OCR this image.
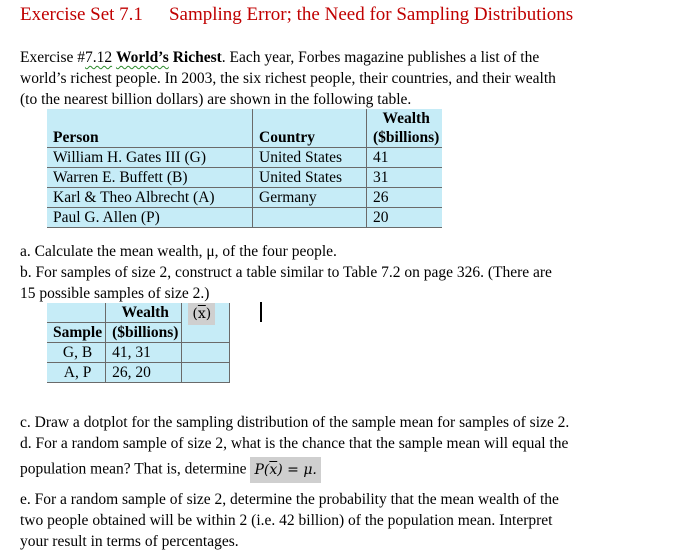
Exercise Set 7.1 Sampling Error; the Need for Sampling Distributions
Exercise #7.12 World’s Richest. Each year, Forbes magazine publishes a list of the
world’s richest people. In 2003, the six richest people, their countries, and their wealth
(to the nearest billion dollars) are shown in the following table.
		Wealth
Person	Country	($billions)
William H. Gates III (G)	United States	41
Warren E. Buffett (B)	United States	31
Karl & Theo Albrecht (A)	Germany	26
Paul G. Allen (P)		20
a. Calculate the mean wealth, μ, of the four people.
b. For samples of size 2, construct a table similar to Table 7.2 on page 326. (There are
15 possible samples of size 2.)
	Wealth	$(\overline{x})$
Sample	($billions)	
G, B	41, 31	
A, P	26, 20	
c. Draw a dotplot for the sampling distribution of the sample mean for samples of size 2.
d. For a random sample of size 2, what is the chance that the sample mean will equal the
population mean? That is, determine $P(\overline{x}) = \mu$.
e. For a random sample of size 2, determine the probability that the mean wealth of the
two people obtained will be within 2 (i.e. 42 billion) of the population mean. Interpret
your result in terms of percentages.
